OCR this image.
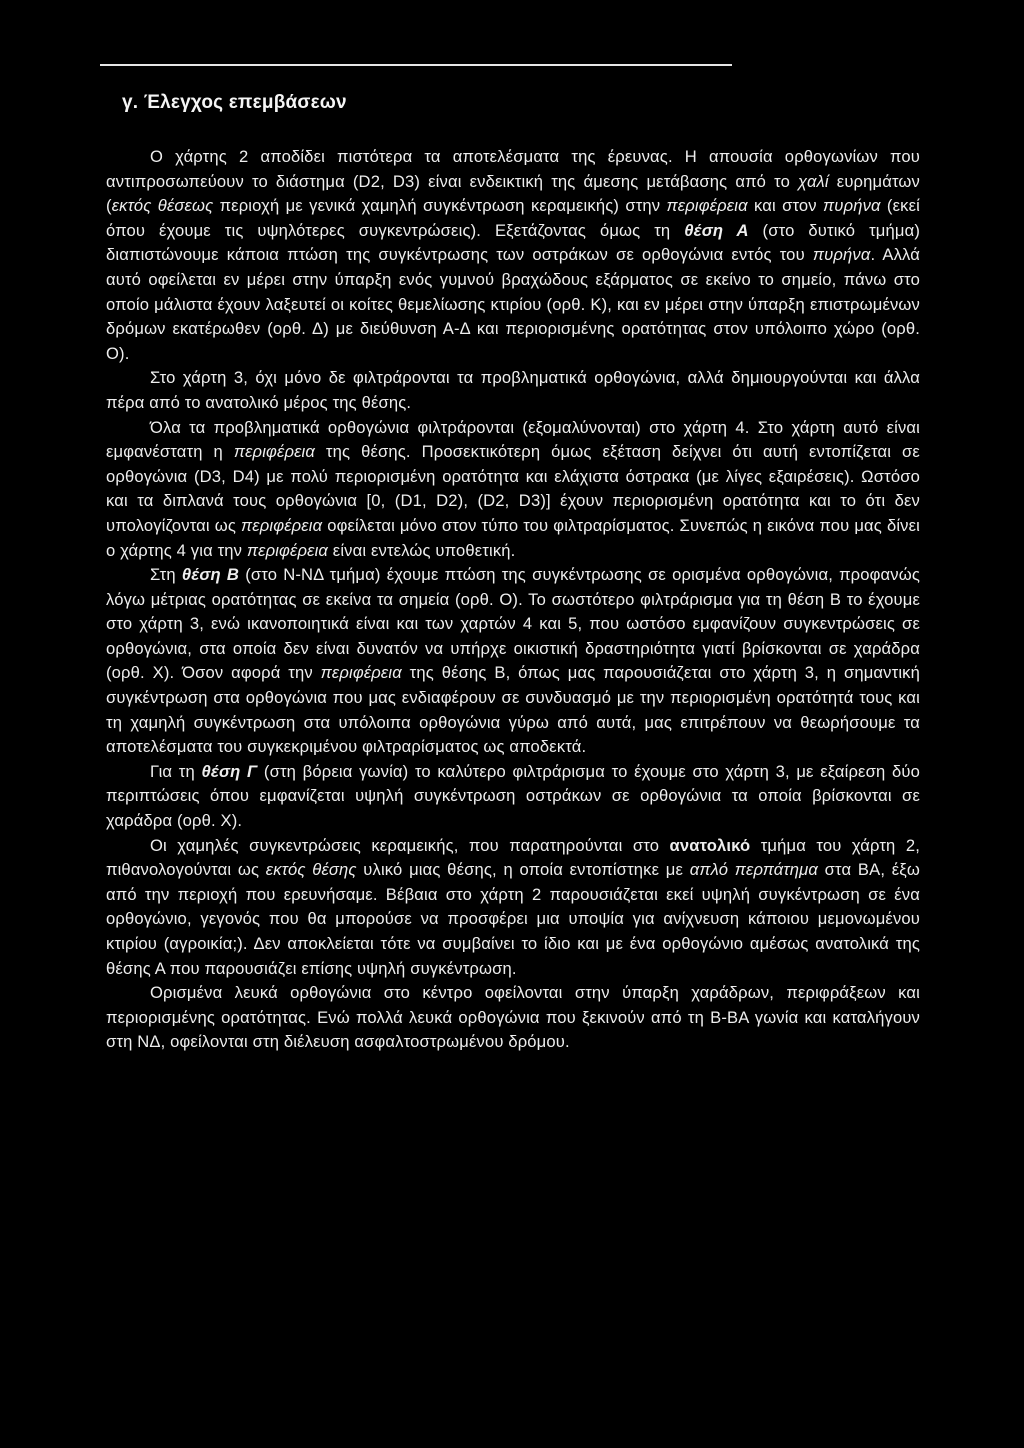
γ. Έλεγχος επεμβάσεων

Ο χάρτης 2 αποδίδει πιστότερα τα αποτελέσματα της έρευνας. Η απουσία ορθογωνίων που αντιπροσωπεύουν το διάστημα (D2, D3) είναι ενδεικτική της άμεσης μετάβασης από το χαλί ευρημάτων (εκτός θέσεως περιοχή με γενικά χαμηλή συγκέντρωση κεραμεικής) στην περιφέρεια και στον πυρήνα (εκεί όπου έχουμε τις υψηλότερες συγκεντρώσεις). Εξετάζοντας όμως τη θέση Α (στο δυτικό τμήμα) διαπιστώνουμε κάποια πτώση της συγκέντρωσης των οστράκων σε ορθογώνια εντός του πυρήνα. Αλλά αυτό οφείλεται εν μέρει στην ύπαρξη ενός γυμνού βραχώδους εξάρματος σε εκείνο το σημείο, πάνω στο οποίο μάλιστα έχουν λαξευτεί οι κοίτες θεμελίωσης κτιρίου (ορθ. Κ), και εν μέρει στην ύπαρξη επιστρωμένων δρόμων εκατέρωθεν (ορθ. Δ) με διεύθυνση Α-Δ και περιορισμένης ορατότητας στον υπόλοιπο χώρο (ορθ. Ο).

Στο χάρτη 3, όχι μόνο δε φιλτράρονται τα προβληματικά ορθογώνια, αλλά δημιουργούνται και άλλα πέρα από το ανατολικό μέρος της θέσης.

Όλα τα προβληματικά ορθογώνια φιλτράρονται (εξομαλύνονται) στο χάρτη 4. Στο χάρτη αυτό είναι εμφανέστατη η περιφέρεια της θέσης. Προσεκτικότερη όμως εξέταση δείχνει ότι αυτή εντοπίζεται σε ορθογώνια (D3, D4) με πολύ περιορισμένη ορατότητα και ελάχιστα όστρακα (με λίγες εξαιρέσεις). Ωστόσο και τα διπλανά τους ορθογώνια [0, (D1, D2), (D2, D3)] έχουν περιορισμένη ορατότητα και το ότι δεν υπολογίζονται ως περιφέρεια οφείλεται μόνο στον τύπο του φιλτραρίσματος. Συνεπώς η εικόνα που μας δίνει ο χάρτης 4 για την περιφέρεια είναι εντελώς υποθετική.

Στη θέση Β (στο Ν-ΝΔ τμήμα) έχουμε πτώση της συγκέντρωσης σε ορισμένα ορθογώνια, προφανώς λόγω μέτριας ορατότητας σε εκείνα τα σημεία (ορθ. Ο). Το σωστότερο φιλτράρισμα για τη θέση Β το έχουμε στο χάρτη 3, ενώ ικανοποιητικά είναι και των χαρτών 4 και 5, που ωστόσο εμφανίζουν συγκεντρώσεις σε ορθογώνια, στα οποία δεν είναι δυνατόν να υπήρχε οικιστική δραστηριότητα γιατί βρίσκονται σε χαράδρα (ορθ. Χ). Όσον αφορά την περιφέρεια της θέσης Β, όπως μας παρουσιάζεται στο χάρτη 3, η σημαντική συγκέντρωση στα ορθογώνια που μας ενδιαφέρουν σε συνδυασμό με την περιορισμένη ορατότητά τους και τη χαμηλή συγκέντρωση στα υπόλοιπα ορθογώνια γύρω από αυτά, μας επιτρέπουν να θεωρήσουμε τα αποτελέσματα του συγκεκριμένου φιλτραρίσματος ως αποδεκτά.

Για τη θέση Γ (στη βόρεια γωνία) το καλύτερο φιλτράρισμα το έχουμε στο χάρτη 3, με εξαίρεση δύο περιπτώσεις όπου εμφανίζεται υψηλή συγκέντρωση οστράκων σε ορθογώνια τα οποία βρίσκονται σε χαράδρα (ορθ. Χ).

Οι χαμηλές συγκεντρώσεις κεραμεικής, που παρατηρούνται στο ανατολικό τμήμα του χάρτη 2, πιθανολογούνται ως εκτός θέσης υλικό μιας θέσης, η οποία εντοπίστηκε με απλό περπάτημα στα ΒΑ, έξω από την περιοχή που ερευνήσαμε. Βέβαια στο χάρτη 2 παρουσιάζεται εκεί υψηλή συγκέντρωση σε ένα ορθογώνιο, γεγονός που θα μπορούσε να προσφέρει μια υποψία για ανίχνευση κάποιου μεμονωμένου κτιρίου (αγροικία;). Δεν αποκλείεται τότε να συμβαίνει το ίδιο και με ένα ορθογώνιο αμέσως ανατολικά της θέσης Α που παρουσιάζει επίσης υψηλή συγκέντρωση.

Ορισμένα λευκά ορθογώνια στο κέντρο οφείλονται στην ύπαρξη χαράδρων, περιφράξεων και περιορισμένης ορατότητας. Ενώ πολλά λευκά ορθογώνια που ξεκινούν από τη Β-ΒΑ γωνία και καταλήγουν στη ΝΔ, οφείλονται στη διέλευση ασφαλτοστρωμένου δρόμου.
